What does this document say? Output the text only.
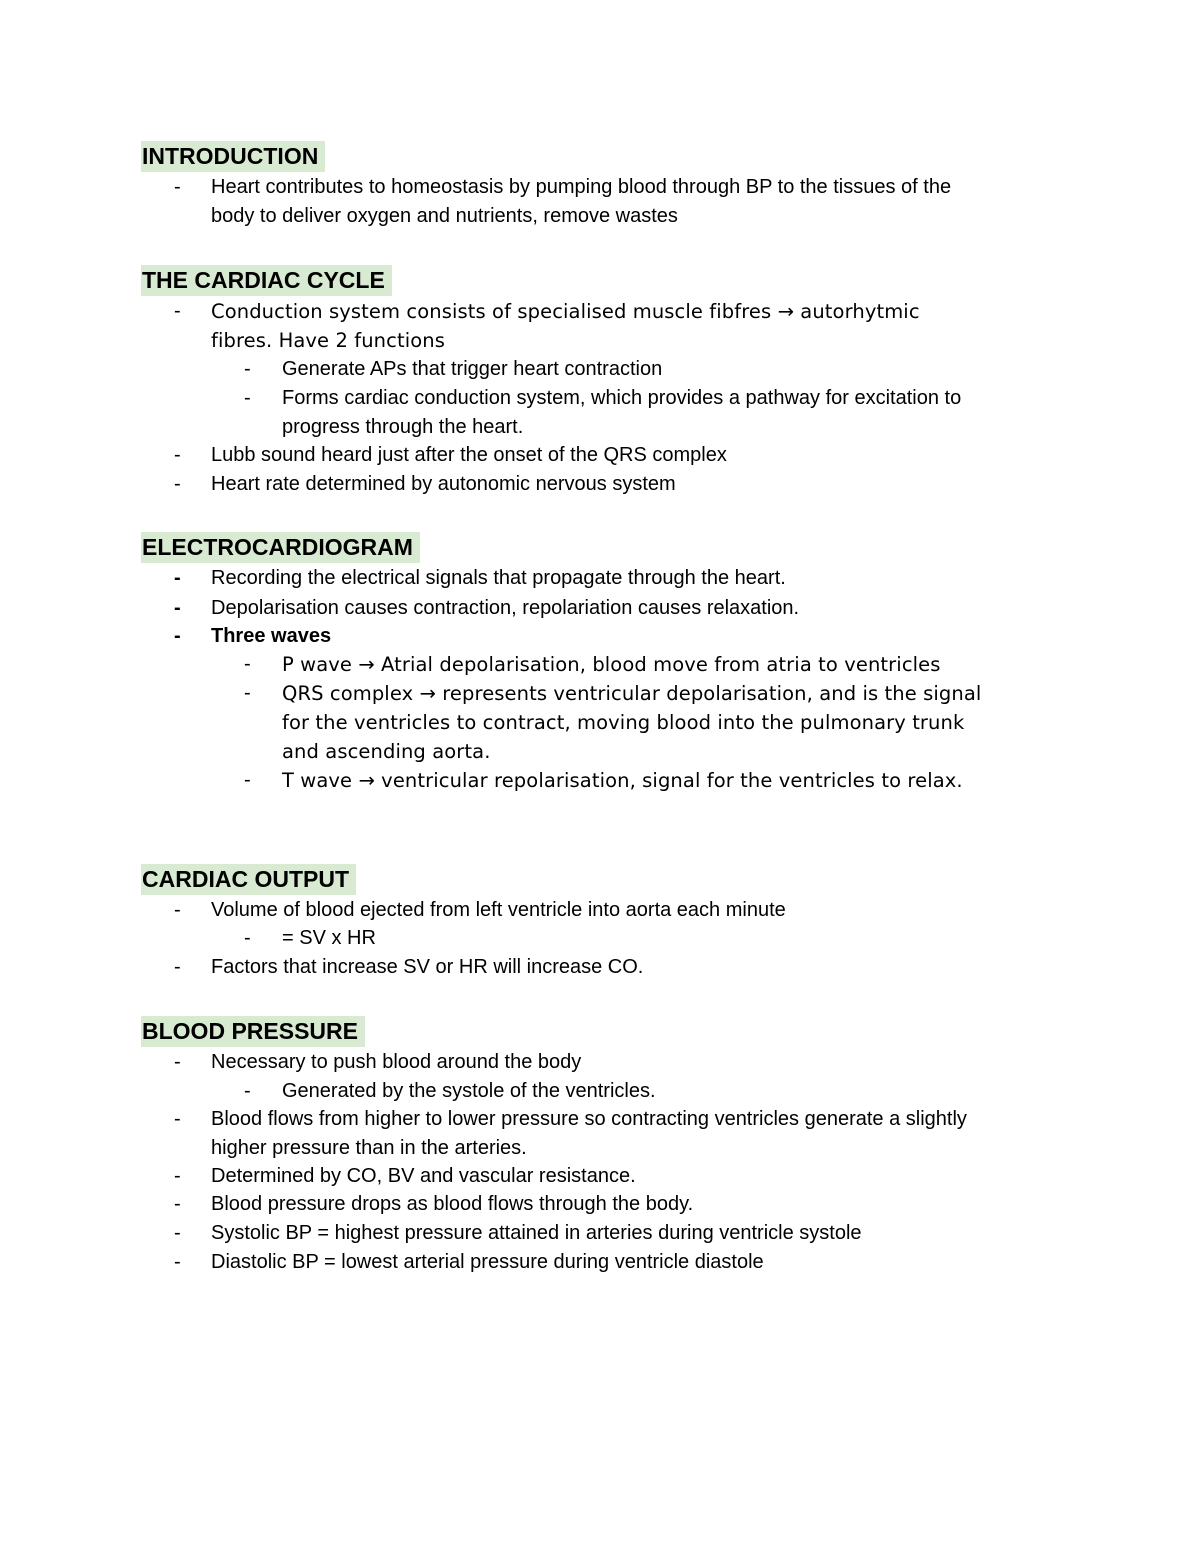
INTRODUCTION
- Heart contributes to homeostasis by pumping blood through BP to the tissues of the
body to deliver oxygen and nutrients, remove wastes
THE CARDIAC CYCLE
- Conduction system consists of specialised muscle fibfres → autorhytmic
fibres. Have 2 functions
- Generate APs that trigger heart contraction
- Forms cardiac conduction system, which provides a pathway for excitation to
progress through the heart.
- Lubb sound heard just after the onset of the QRS complex
- Heart rate determined by autonomic nervous system
ELECTROCARDIOGRAM
- Recording the electrical signals that propagate through the heart.
- Depolarisation causes contraction, repolariation causes relaxation.
- Three waves
- P wave → Atrial depolarisation, blood move from atria to ventricles
- QRS complex → represents ventricular depolarisation, and is the signal
for the ventricles to contract, moving blood into the pulmonary trunk
and ascending aorta.
- T wave → ventricular repolarisation, signal for the ventricles to relax.
CARDIAC OUTPUT
- Volume of blood ejected from left ventricle into aorta each minute
- = SV x HR
- Factors that increase SV or HR will increase CO.
BLOOD PRESSURE
- Necessary to push blood around the body
- Generated by the systole of the ventricles.
- Blood flows from higher to lower pressure so contracting ventricles generate a slightly
higher pressure than in the arteries.
- Determined by CO, BV and vascular resistance.
- Blood pressure drops as blood flows through the body.
- Systolic BP = highest pressure attained in arteries during ventricle systole
- Diastolic BP = lowest arterial pressure during ventricle diastole
